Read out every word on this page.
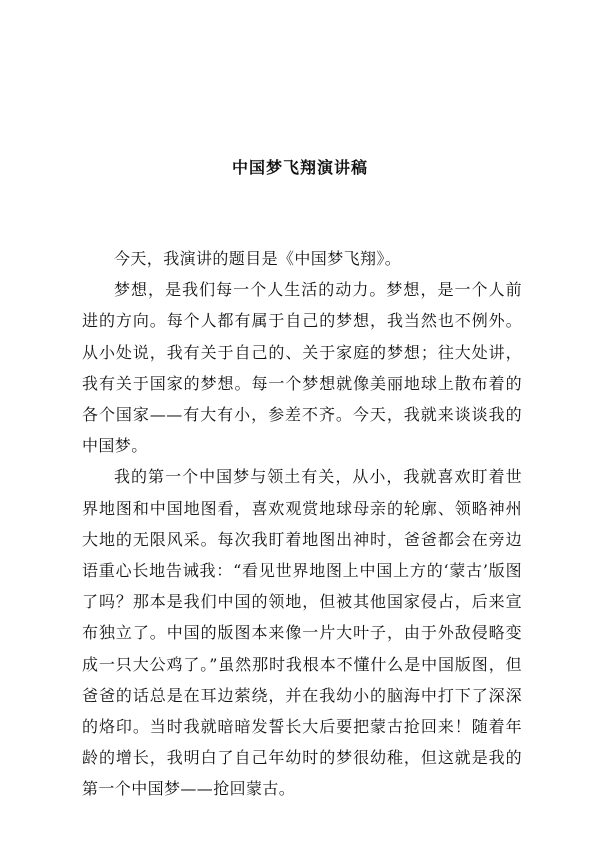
中国梦飞翔演讲稿

今天，我演讲的题目是《中国梦飞翔》。

梦想，是我们每一个人生活的动力。梦想，是一个人前进的方向。每个人都有属于自己的梦想，我当然也不例外。从小处说，我有关于自己的、关于家庭的梦想；往大处讲，我有关于国家的梦想。每一个梦想就像美丽地球上散布着的各个国家——有大有小，参差不齐。今天，我就来谈谈我的中国梦。

我的第一个中国梦与领土有关，从小，我就喜欢盯着世界地图和中国地图看，喜欢观赏地球母亲的轮廓、领略神州大地的无限风采。每次我盯着地图出神时，爸爸都会在旁边语重心长地告诫我：“看见世界地图上中国上方的‘蒙古’版图了吗？那本是我们中国的领地，但被其他国家侵占，后来宣布独立了。中国的版图本来像一片大叶子，由于外敌侵略变成一只大公鸡了。”虽然那时我根本不懂什么是中国版图，但爸爸的话总是在耳边萦绕，并在我幼小的脑海中打下了深深的烙印。当时我就暗暗发誓长大后要把蒙古抢回来！随着年龄的增长，我明白了自己年幼时的梦很幼稚，但这就是我的第一个中国梦——抢回蒙古。
